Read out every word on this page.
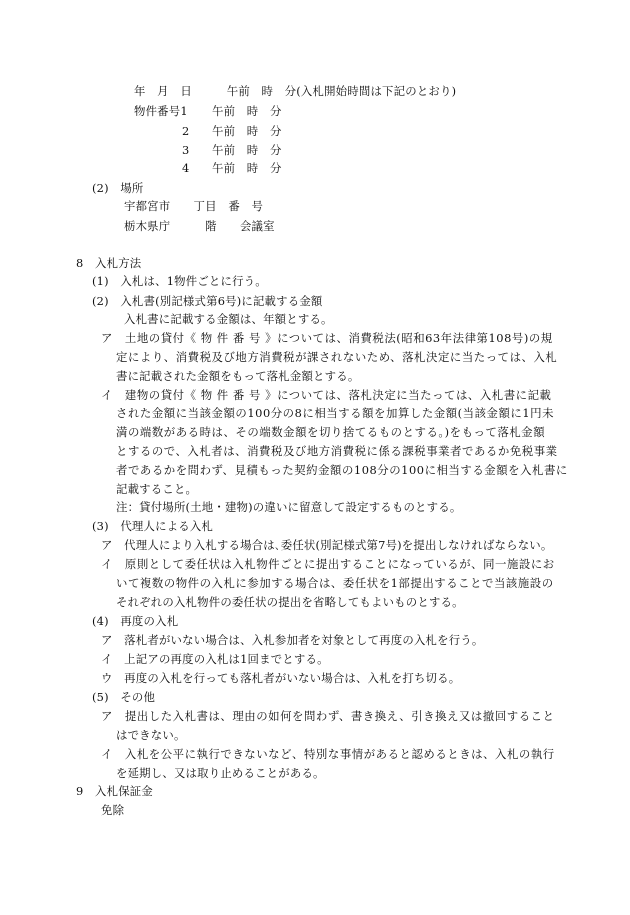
年　月　日　　　午前　時　分(入札開始時間は下記のとおり)
物件番号1 午前　時　分
2 午前　時　分
3 午前　時　分
4 午前　時　分
(2)　場所
宇都宮市　　丁目　番　号
栃木県庁　　　階　　会議室
8　入札方法
(1)　入札は、1物件ごとに行う。
(2)　入札書(別記様式第6号)に記載する金額
入札書に記載する金額は、年額とする。
ア　土地の貸付《 物 件 番 号 》については、消費税法(昭和63年法律第108号)の規
定により、消費税及び地方消費税が課されないため、落札決定に当たっては、入札
書に記載された金額をもって落札金額とする。
イ　建物の貸付《 物 件 番 号 》については、落札決定に当たっては、入札書に記載
された金額に当該金額の100分の8に相当する額を加算した金額(当該金額に1円未
満の端数がある時は、その端数金額を切り捨てるものとする。)をもって落札金額
とするので、入札者は、消費税及び地方消費税に係る課税事業者であるか免税事業
者であるかを問わず、見積もった契約金額の108分の100に相当する金額を入札書に
記載すること。
注：貸付場所(土地・建物)の違いに留意して設定するものとする。
(3)　代理人による入札
ア　代理人により入札する場合は､委任状(別記様式第7号)を提出しなければならない。
イ　原則として委任状は入札物件ごとに提出することになっているが、同一施設にお
いて複数の物件の入札に参加する場合は、委任状を1部提出することで当該施設の
それぞれの入札物件の委任状の提出を省略してもよいものとする。
(4)　再度の入札
ア　落札者がいない場合は、入札参加者を対象として再度の入札を行う。
イ　上記アの再度の入札は1回までとする。
ウ　再度の入札を行っても落札者がいない場合は、入札を打ち切る。
(5)　その他
ア　提出した入札書は、理由の如何を問わず、書き換え、引き換え又は撤回すること
はできない。
イ　入札を公平に執行できないなど、特別な事情があると認めるときは、入札の執行
を延期し、又は取り止めることがある。
9　入札保証金
免除
